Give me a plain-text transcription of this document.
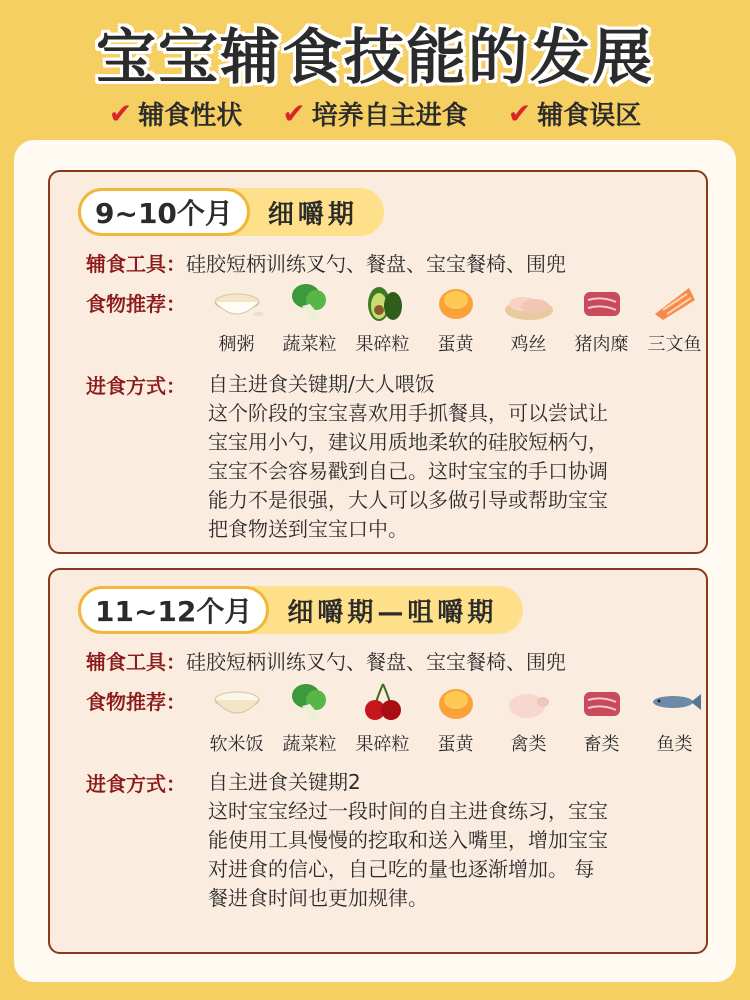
宝宝辅食技能的发展
✔ 辅食性状 ✔ 培养自主进食 ✔ 辅食误区
9~10个月	细嚼期
辅食工具：硅胶短柄训练叉勺、餐盘、宝宝餐椅、围兜
食物推荐：
稠粥 蔬菜粒 果碎粒 蛋黄 鸡丝 猪肉糜 三文鱼
进食方式： 自主进食关键期/大人喂饭
这个阶段的宝宝喜欢用手抓餐具，可以尝试让
宝宝用小勺，建议用质地柔软的硅胶短柄勺，
宝宝不会容易戳到自己。这时宝宝的手口协调
能力不是很强，大人可以多做引导或帮助宝宝
把食物送到宝宝口中。
11~12个月	细嚼期—咀嚼期
辅食工具：硅胶短柄训练叉勺、餐盘、宝宝餐椅、围兜
食物推荐：
软米饭 蔬菜粒 果碎粒 蛋黄 禽类 畜类 鱼类
进食方式： 自主进食关键期2
这时宝宝经过一段时间的自主进食练习，宝宝
能使用工具慢慢的挖取和送入嘴里，增加宝宝
对进食的信心，自己吃的量也逐渐增加。 每
餐进食时间也更加规律。
